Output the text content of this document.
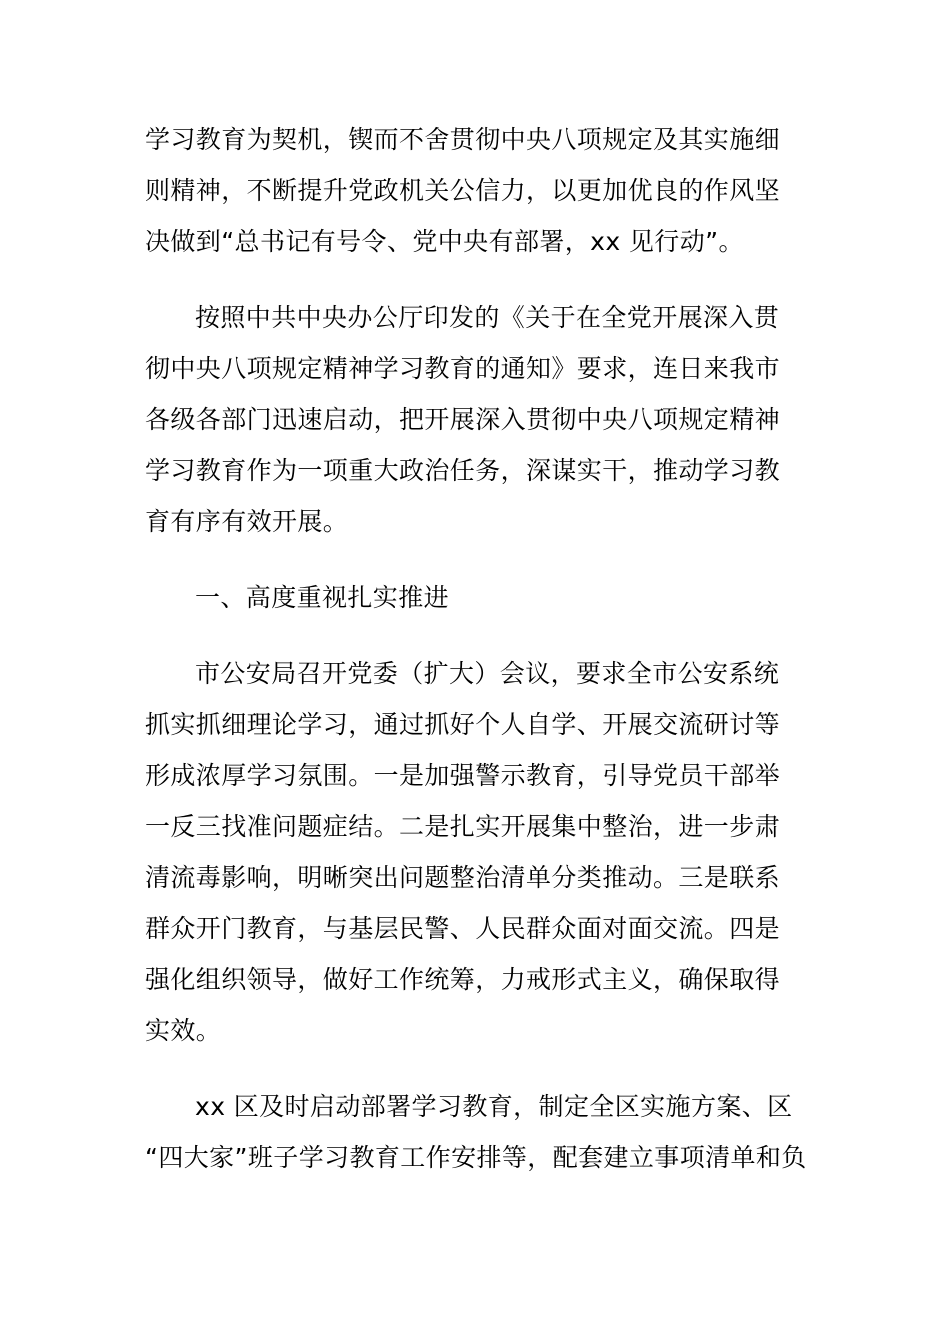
学习教育为契机，锲而不舍贯彻中央八项规定及其实施细
则精神，不断提升党政机关公信力，以更加优良的作风坚
决做到“总书记有号令、党中央有部署，xx 见行动”。
按照中共中央办公厅印发的《关于在全党开展深入贯
彻中央八项规定精神学习教育的通知》要求，连日来我市
各级各部门迅速启动，把开展深入贯彻中央八项规定精神
学习教育作为一项重大政治任务，深谋实干，推动学习教
育有序有效开展。
一、高度重视扎实推进
市公安局召开党委（扩大）会议，要求全市公安系统
抓实抓细理论学习，通过抓好个人自学、开展交流研讨等
形成浓厚学习氛围。一是加强警示教育，引导党员干部举
一反三找准问题症结。二是扎实开展集中整治，进一步肃
清流毒影响，明晰突出问题整治清单分类推动。三是联系
群众开门教育，与基层民警、人民群众面对面交流。四是
强化组织领导，做好工作统筹，力戒形式主义，确保取得
实效。
xx 区及时启动部署学习教育，制定全区实施方案、区
“四大家”班子学习教育工作安排等，配套建立事项清单和负
